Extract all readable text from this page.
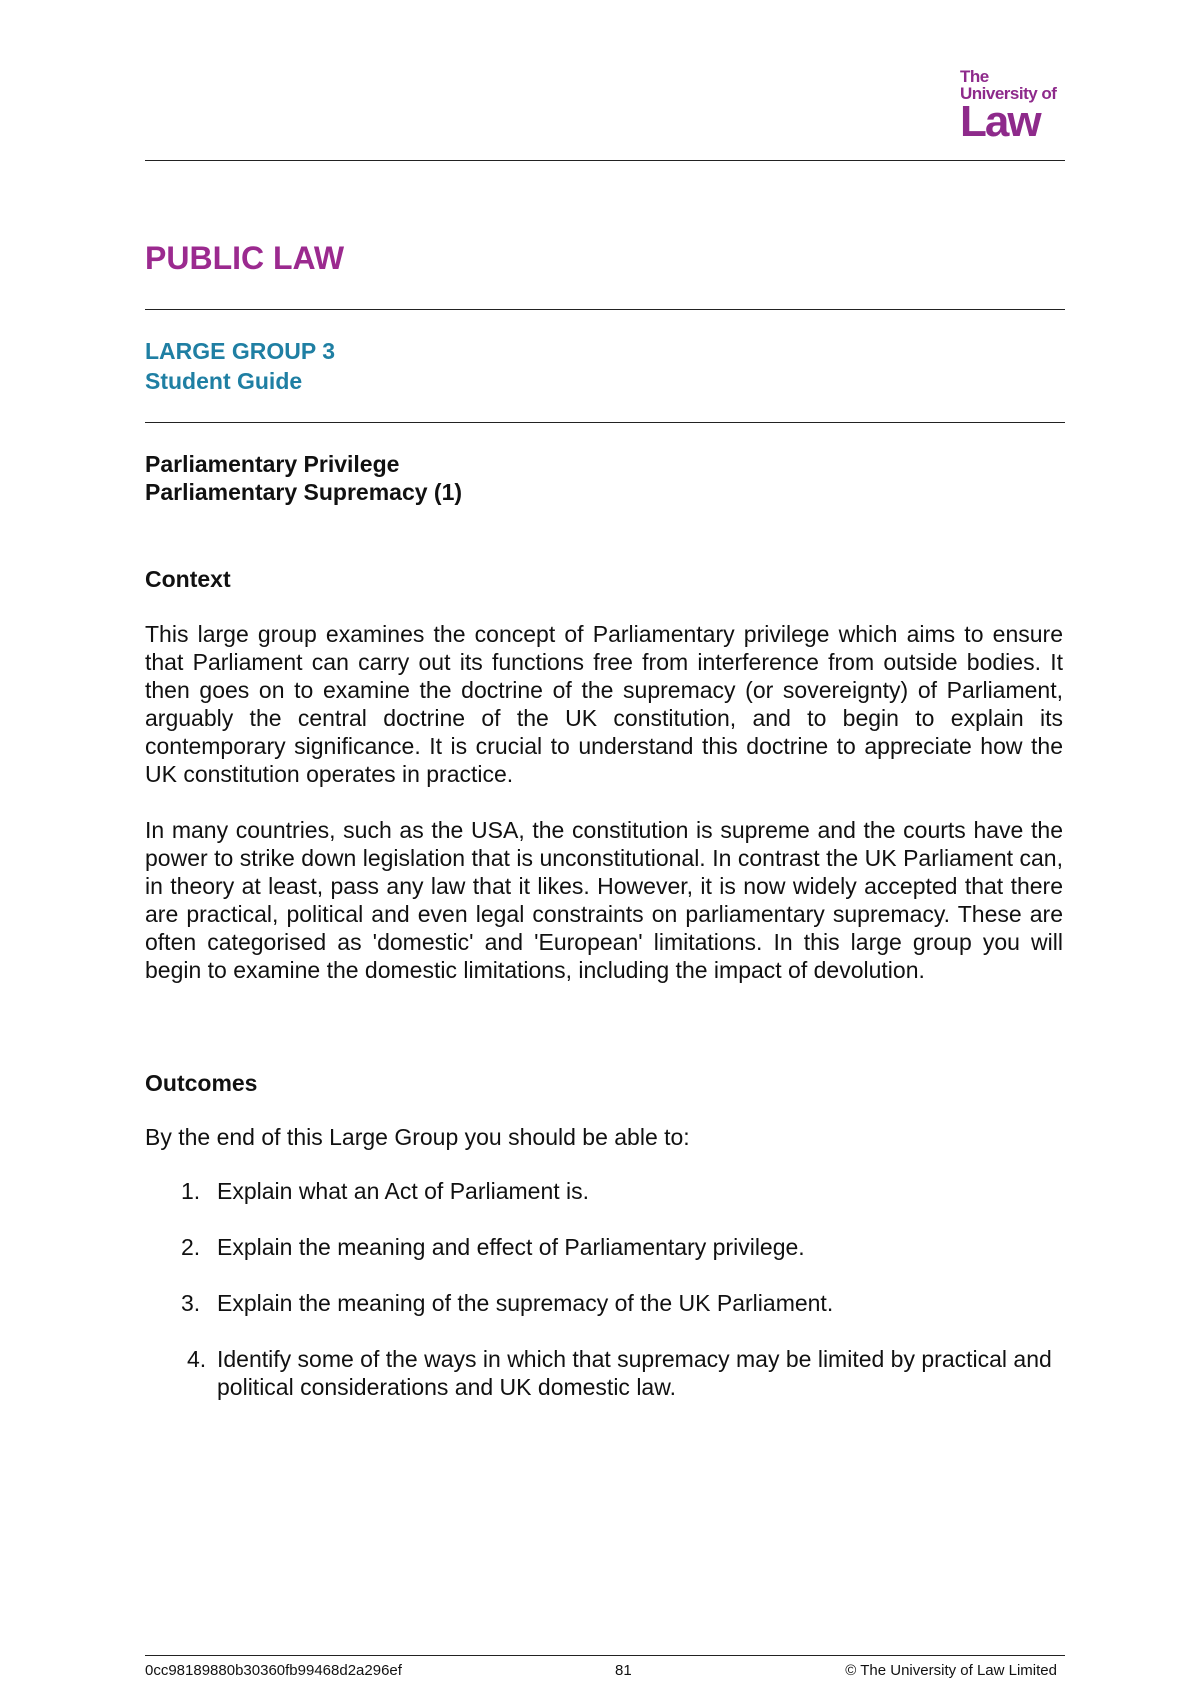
The
University of
Law
PUBLIC LAW
LARGE GROUP 3
Student Guide
Parliamentary Privilege
Parliamentary Supremacy (1)
Context

This large group examines the concept of Parliamentary privilege which aims to ensure that Parliament can carry out its functions free from interference from outside bodies. It then goes on to examine the doctrine of the supremacy (or sovereignty) of Parliament, arguably the central doctrine of the UK constitution, and to begin to explain its contemporary significance. It is crucial to understand this doctrine to appreciate how the UK constitution operates in practice.

In many countries, such as the USA, the constitution is supreme and the courts have the power to strike down legislation that is unconstitutional. In contrast the UK Parliament can, in theory at least, pass any law that it likes. However, it is now widely accepted that there are practical, political and even legal constraints on parliamentary supremacy. These are often categorised as 'domestic' and 'European' limitations. In this large group you will begin to examine the domestic limitations, including the impact of devolution.

Outcomes

By the end of this Large Group you should be able to:

1. Explain what an Act of Parliament is.
2. Explain the meaning and effect of Parliamentary privilege.
3. Explain the meaning of the supremacy of the UK Parliament.
4. Identify some of the ways in which that supremacy may be limited by practical and political considerations and UK domestic law.
0cc98189880b30360fb99468d2a296ef	81	© The University of Law Limited
